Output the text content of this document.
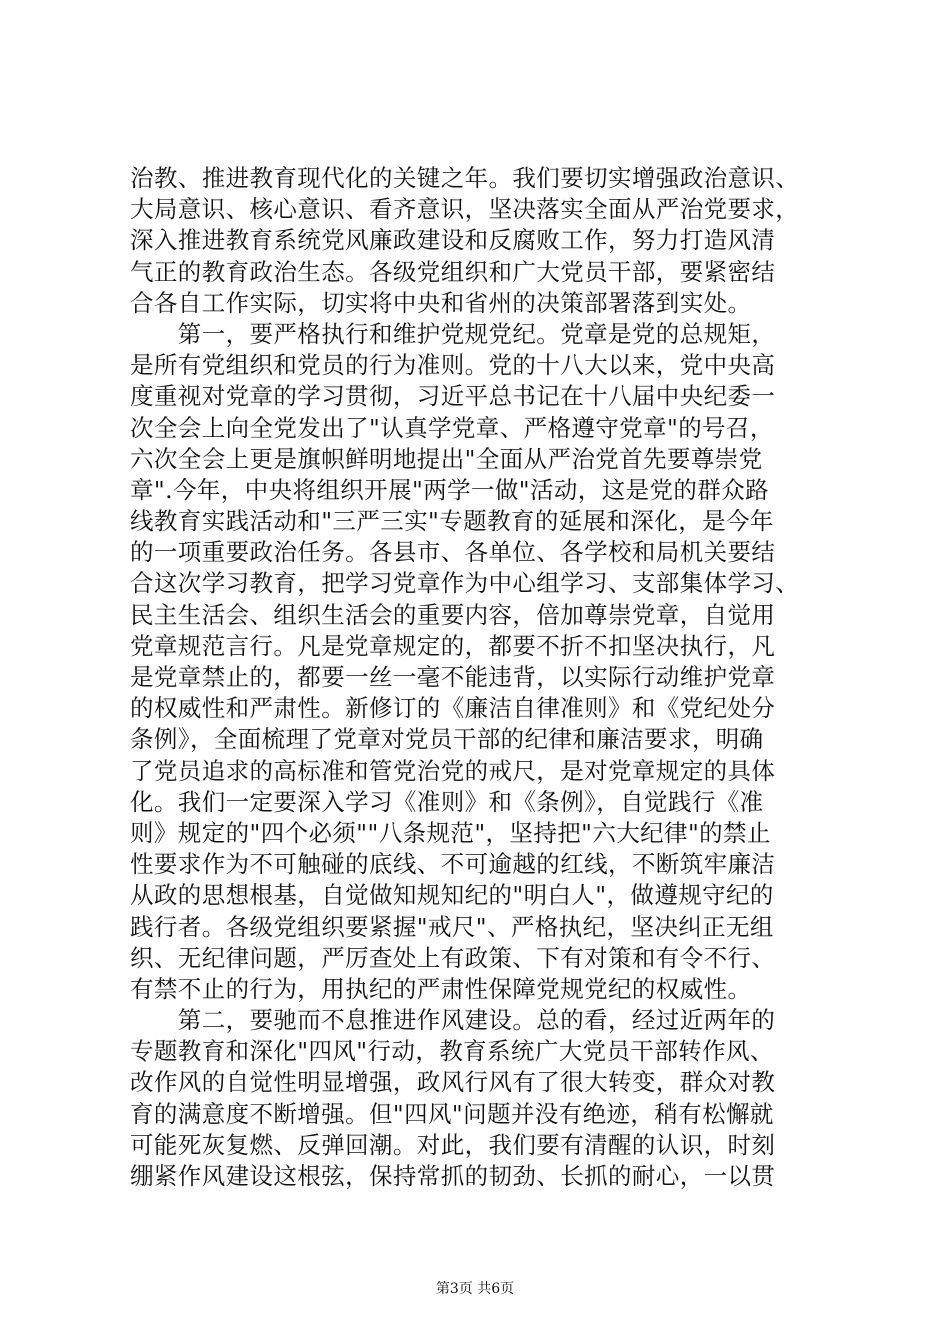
治教、推进教育现代化的关键之年。我们要切实增强政治意识、
大局意识、核心意识、看齐意识，坚决落实全面从严治党要求，
深入推进教育系统党风廉政建设和反腐败工作，努力打造风清
气正的教育政治生态。各级党组织和广大党员干部，要紧密结
合各自工作实际，切实将中央和省州的决策部署落到实处。
　　第一，要严格执行和维护党规党纪。党章是党的总规矩，
是所有党组织和党员的行为准则。党的十八大以来，党中央高
度重视对党章的学习贯彻，习近平总书记在十八届中央纪委一
次全会上向全党发出了"认真学党章、严格遵守党章"的号召，
六次全会上更是旗帜鲜明地提出"全面从严治党首先要尊崇党
章".今年，中央将组织开展"两学一做"活动，这是党的群众路
线教育实践活动和"三严三实"专题教育的延展和深化，是今年
的一项重要政治任务。各县市、各单位、各学校和局机关要结
合这次学习教育，把学习党章作为中心组学习、支部集体学习、
民主生活会、组织生活会的重要内容，倍加尊崇党章，自觉用
党章规范言行。凡是党章规定的，都要不折不扣坚决执行，凡
是党章禁止的，都要一丝一毫不能违背，以实际行动维护党章
的权威性和严肃性。新修订的《廉洁自律准则》和《党纪处分
条例》，全面梳理了党章对党员干部的纪律和廉洁要求，明确
了党员追求的高标准和管党治党的戒尺，是对党章规定的具体
化。我们一定要深入学习《准则》和《条例》，自觉践行《准
则》规定的"四个必须""八条规范"，坚持把"六大纪律"的禁止
性要求作为不可触碰的底线、不可逾越的红线，不断筑牢廉洁
从政的思想根基，自觉做知规知纪的"明白人"，做遵规守纪的
践行者。各级党组织要紧握"戒尺"、严格执纪，坚决纠正无组
织、无纪律问题，严厉查处上有政策、下有对策和有令不行、
有禁不止的行为，用执纪的严肃性保障党规党纪的权威性。
　　第二，要驰而不息推进作风建设。总的看，经过近两年的
专题教育和深化"四风"行动，教育系统广大党员干部转作风、
改作风的自觉性明显增强，政风行风有了很大转变，群众对教
育的满意度不断增强。但"四风"问题并没有绝迹，稍有松懈就
可能死灰复燃、反弹回潮。对此，我们要有清醒的认识，时刻
绷紧作风建设这根弦，保持常抓的韧劲、长抓的耐心，一以贯
第3页 共6页
